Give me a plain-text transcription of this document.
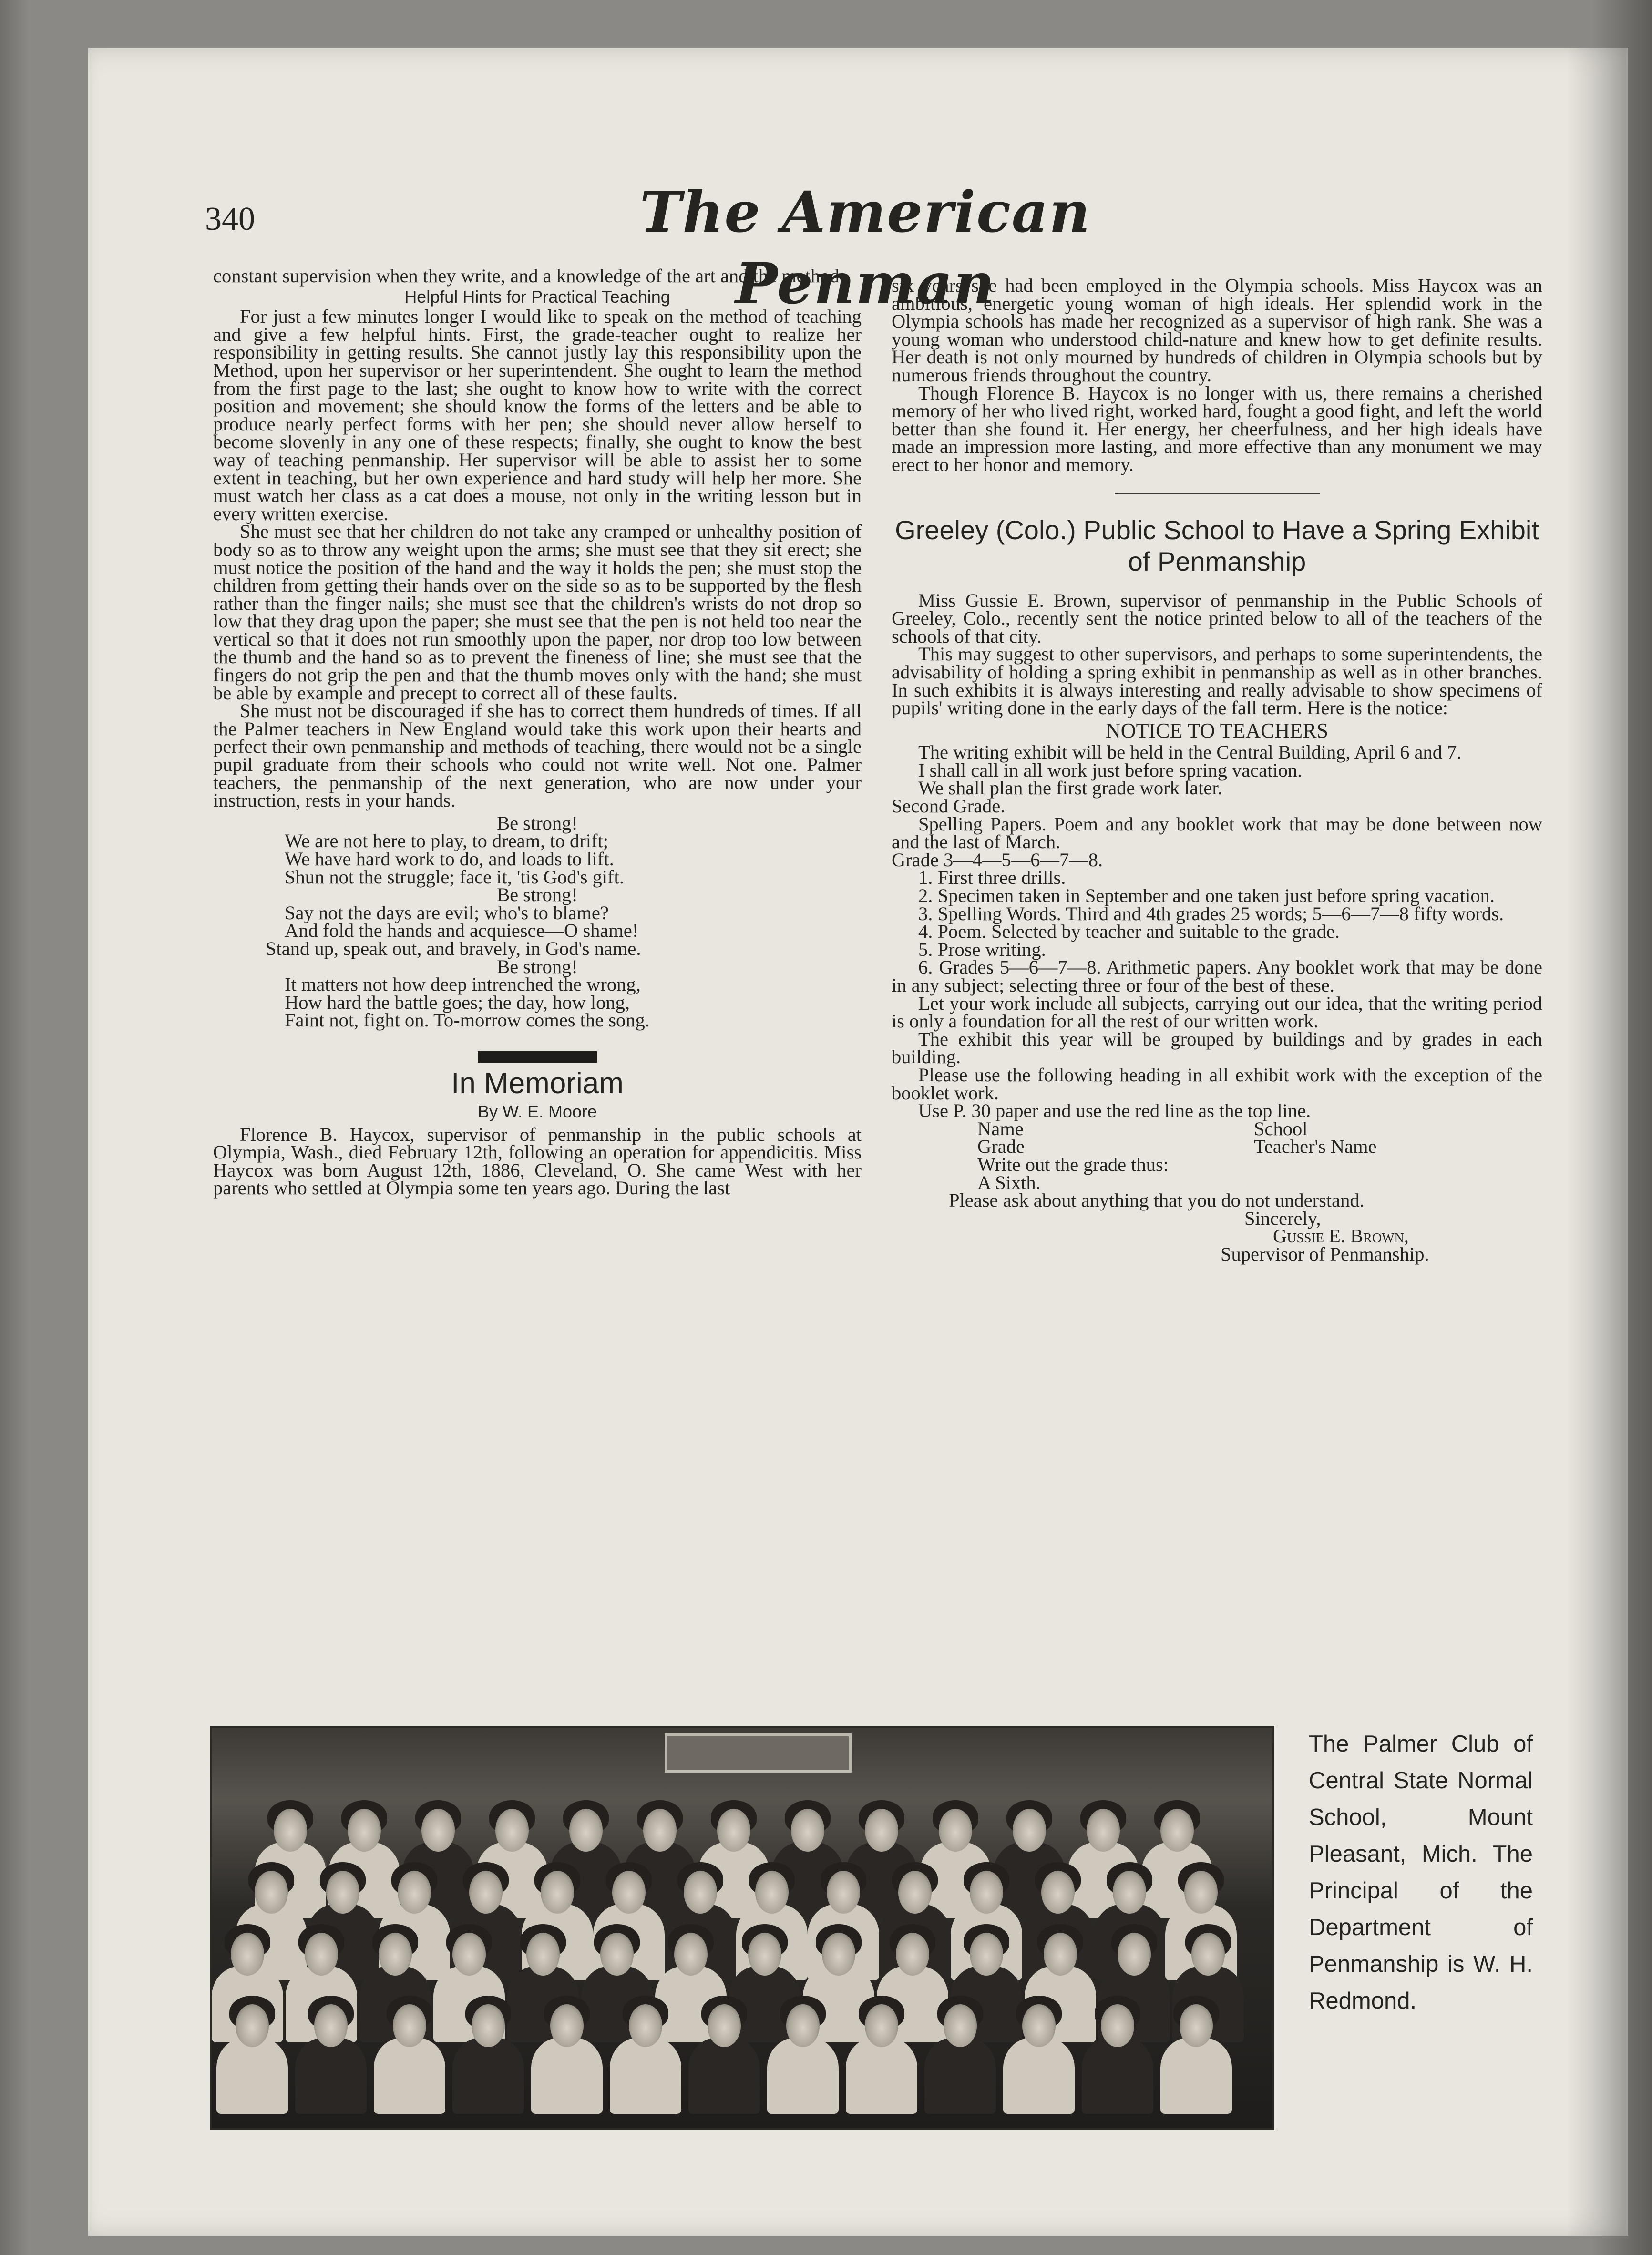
340	The American Penman

constant supervision when they write, and a knowledge of the art and the method.

Helpful Hints for Practical Teaching

For just a few minutes longer I would like to speak on the method of teaching and give a few helpful hints. First, the grade-teacher ought to realize her responsibility in getting results. She cannot justly lay this responsibility upon the Method, upon her supervisor or her superintendent. She ought to learn the method from the first page to the last; she ought to know how to write with the correct position and movement; she should know the forms of the letters and be able to produce nearly perfect forms with her pen; she should never allow herself to become slovenly in any one of these respects; finally, she ought to know the best way of teaching penmanship. Her supervisor will be able to assist her to some extent in teaching, but her own experience and hard study will help her more. She must watch her class as a cat does a mouse, not only in the writing lesson but in every written exercise.

She must see that her children do not take any cramped or unhealthy position of body so as to throw any weight upon the arms; she must see that they sit erect; she must notice the position of the hand and the way it holds the pen; she must stop the children from getting their hands over on the side so as to be supported by the flesh rather than the finger nails; she must see that the children's wrists do not drop so low that they drag upon the paper; she must see that the pen is not held too near the vertical so that it does not run smoothly upon the paper, nor drop too low between the thumb and the hand so as to prevent the fineness of line; she must see that the fingers do not grip the pen and that the thumb moves only with the hand; she must be able by example and precept to correct all of these faults.

She must not be discouraged if she has to correct them hundreds of times. If all the Palmer teachers in New England would take this work upon their hearts and perfect their own penmanship and methods of teaching, there would not be a single pupil graduate from their schools who could not write well. Not one. Palmer teachers, the penmanship of the next generation, who are now under your instruction, rests in your hands.

Be strong!
We are not here to play, to dream, to drift;
We have hard work to do, and loads to lift.
Shun not the struggle; face it, 'tis God's gift.
Be strong!
Say not the days are evil; who's to blame?
And fold the hands and acquiesce—O shame!
Stand up, speak out, and bravely, in God's name.
Be strong!
It matters not how deep intrenched the wrong,
How hard the battle goes; the day, how long,
Faint not, fight on. To-morrow comes the song.

In Memoriam

By W. E. Moore

Florence B. Haycox, supervisor of penmanship in the public schools at Olympia, Wash., died February 12th, following an operation for appendicitis. Miss Haycox was born August 12th, 1886, Cleveland, O. She came West with her parents who settled at Olympia some ten years ago. During the last

six years she had been employed in the Olympia schools. Miss Haycox was an ambitious, energetic young woman of high ideals. Her splendid work in the Olympia schools has made her recognized as a supervisor of high rank. She was a young woman who understood child-nature and knew how to get definite results. Her death is not only mourned by hundreds of children in Olympia schools but by numerous friends throughout the country.

Though Florence B. Haycox is no longer with us, there remains a cherished memory of her who lived right, worked hard, fought a good fight, and left the world better than she found it. Her energy, her cheerfulness, and her high ideals have made an impression more lasting, and more effective than any monument we may erect to her honor and memory.

Greeley (Colo.) Public School to Have a Spring Exhibit of Penmanship

Miss Gussie E. Brown, supervisor of penmanship in the Public Schools of Greeley, Colo., recently sent the notice printed below to all of the teachers of the schools of that city.

This may suggest to other supervisors, and perhaps to some superintendents, the advisability of holding a spring exhibit in penmanship as well as in other branches. In such exhibits it is always interesting and really advisable to show specimens of pupils' writing done in the early days of the fall term. Here is the notice:

NOTICE TO TEACHERS

The writing exhibit will be held in the Central Building, April 6 and 7.

I shall call in all work just before spring vacation.

We shall plan the first grade work later.

Second Grade.

Spelling Papers. Poem and any booklet work that may be done between now and the last of March.

Grade 3—4—5—6—7—8.

1. First three drills.

2. Specimen taken in September and one taken just before spring vacation.

3. Spelling Words. Third and 4th grades 25 words; 5—6—7—8 fifty words.

4. Poem. Selected by teacher and suitable to the grade.

5. Prose writing.

6. Grades 5—6—7—8. Arithmetic papers. Any booklet work that may be done in any subject; selecting three or four of the best of these.

Let your work include all subjects, carrying out our idea, that the writing period is only a foundation for all the rest of our written work.

The exhibit this year will be grouped by buildings and by grades in each building.

Please use the following heading in all exhibit work with the exception of the booklet work.

Use P. 30 paper and use the red line as the top line.

Name	School
Grade	Teacher's Name

Write out the grade thus:

A Sixth.

Please ask about anything that you do not understand.

Sincerely,

Gussie E. Brown,

Supervisor of Penmanship.

The Palmer Club of Central State Normal School, Mount Pleasant, Mich. The Principal of the Department of Penmanship is W. H. Redmond.
